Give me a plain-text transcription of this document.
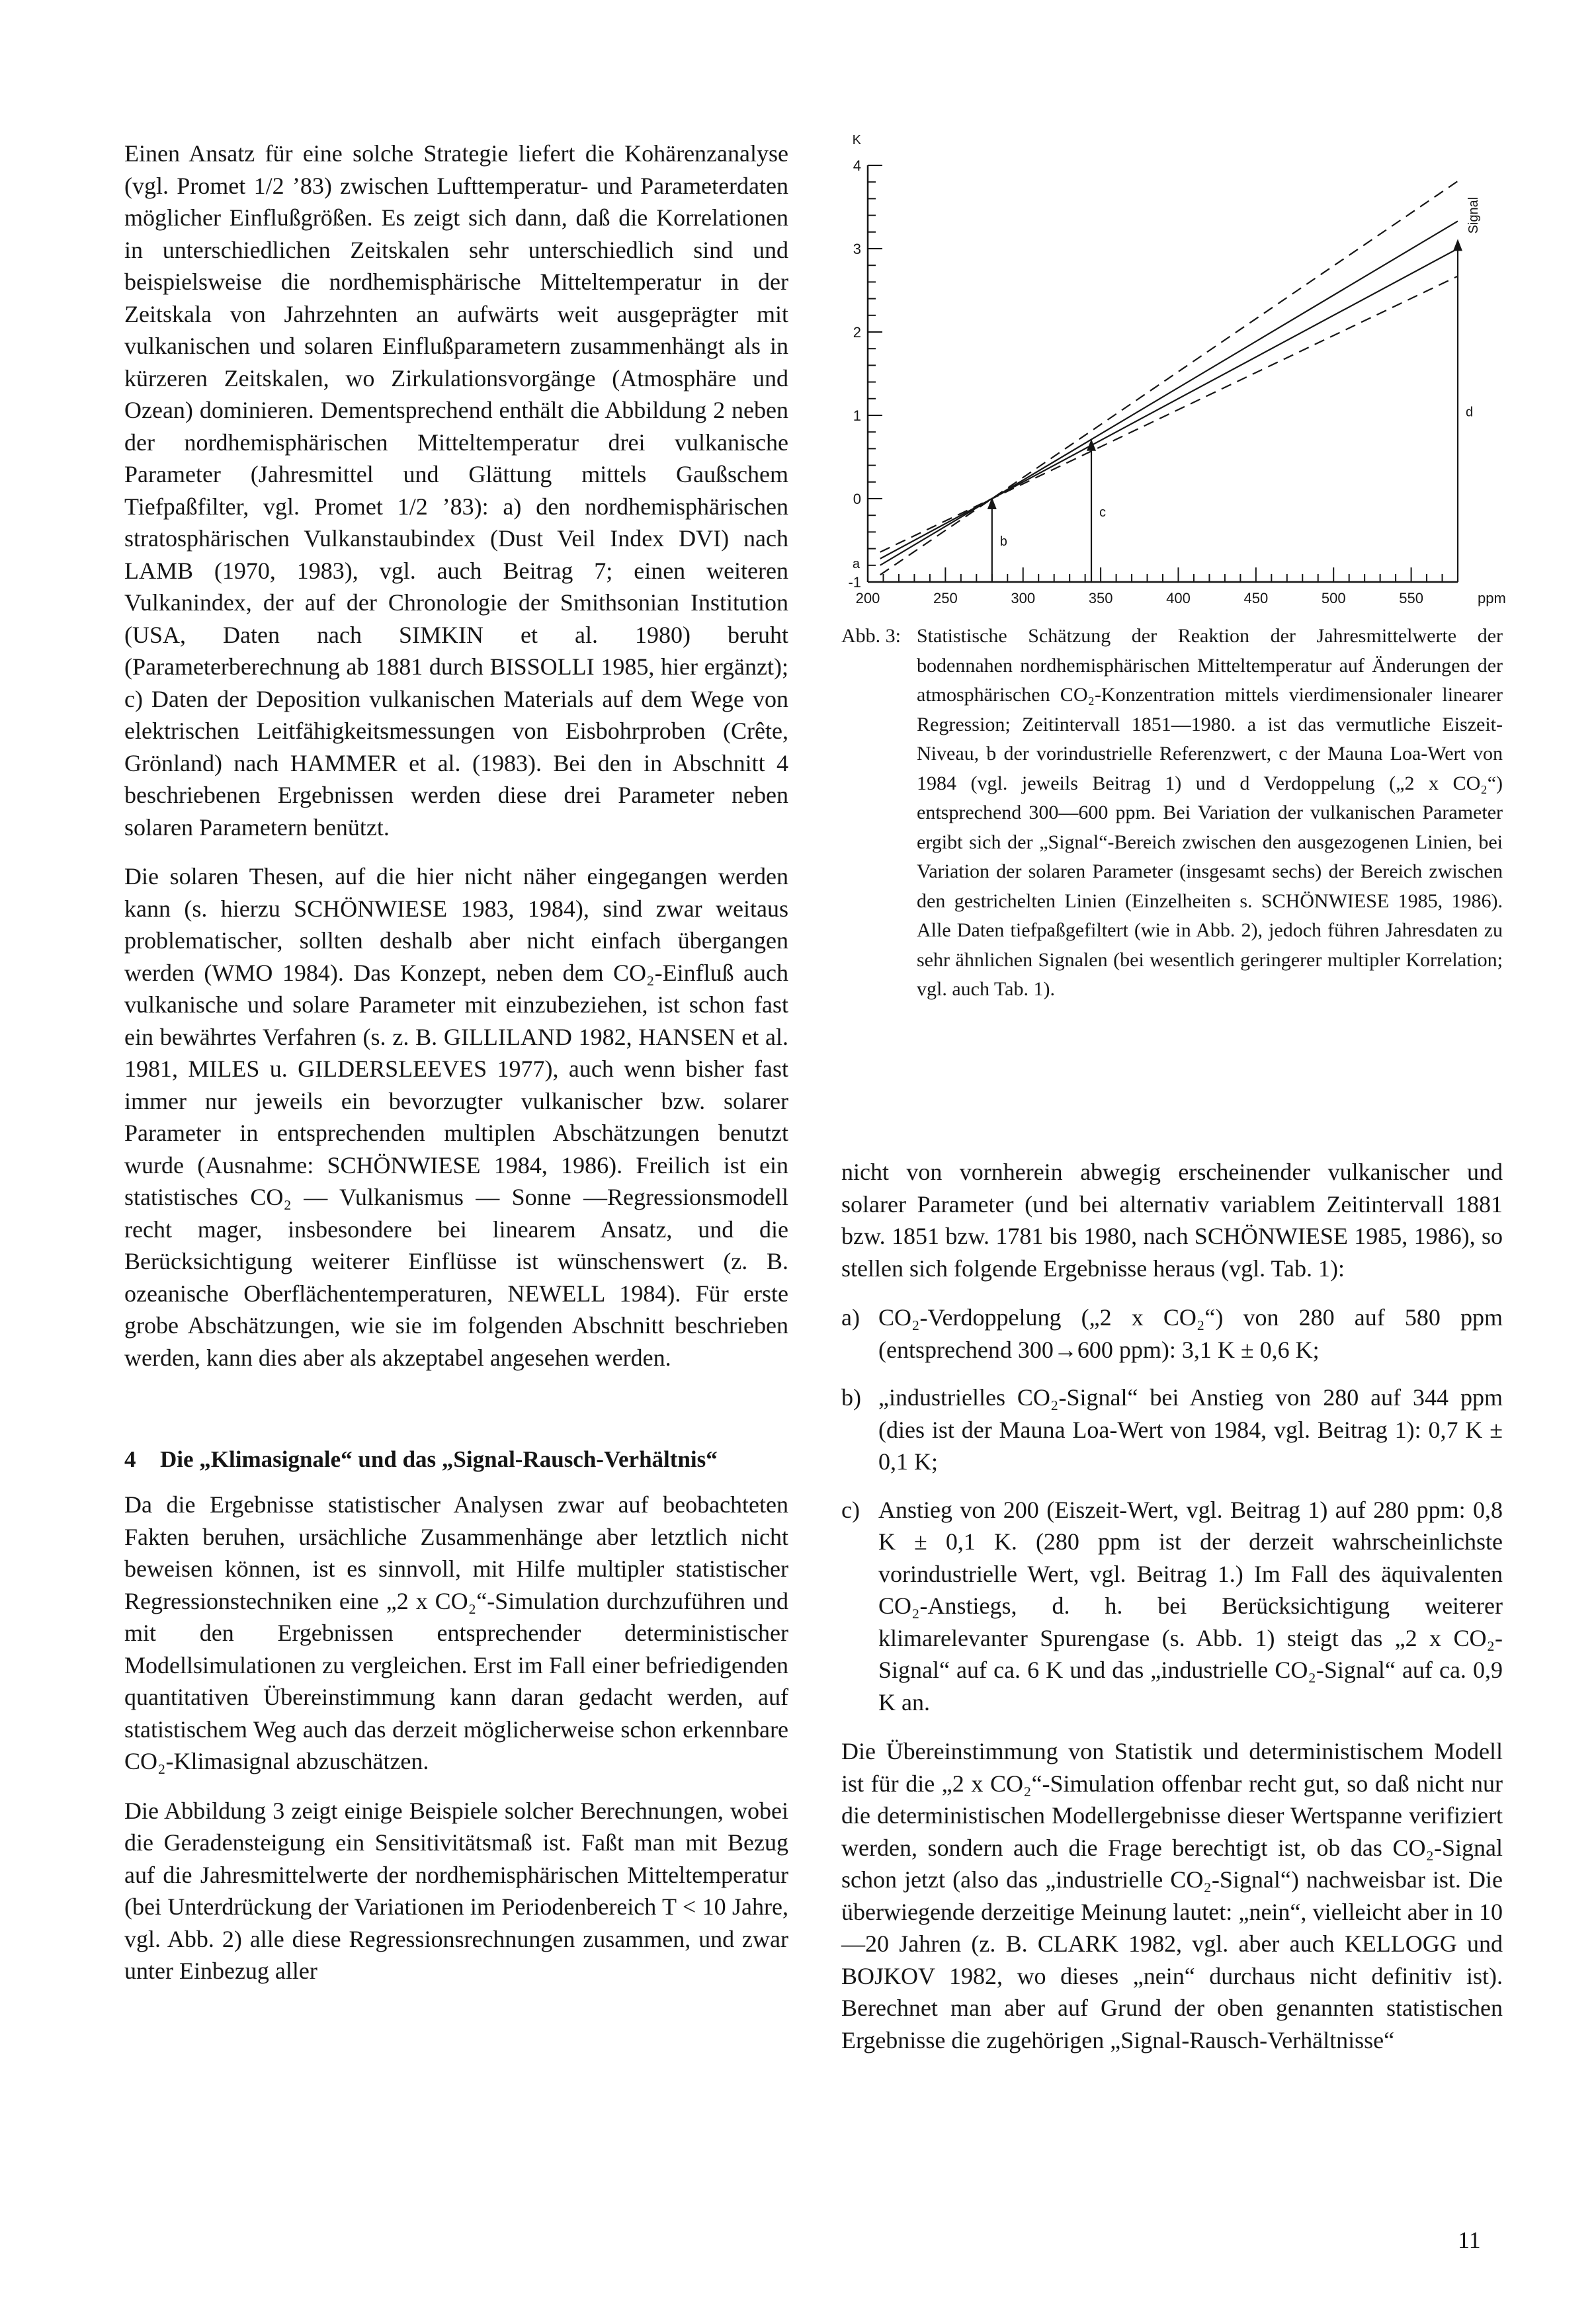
Einen Ansatz für eine solche Strategie liefert die Kohärenzanalyse (vgl. Promet 1/2 ’83) zwischen Lufttemperatur- und Parameterdaten möglicher Einflußgrößen. Es zeigt sich dann, daß die Korrelationen in unterschiedlichen Zeitskalen sehr unterschiedlich sind und beispielsweise die nordhemisphärische Mitteltemperatur in der Zeitskala von Jahrzehnten an aufwärts weit ausgeprägter mit vulkanischen und solaren Einflußparametern zusammenhängt als in kürzeren Zeitskalen, wo Zirkulationsvorgänge (Atmosphäre und Ozean) dominieren. Dementsprechend enthält die Abbildung 2 neben der nordhemisphärischen Mitteltemperatur drei vulkanische Parameter (Jahresmittel und Glättung mittels Gaußschem Tiefpaßfilter, vgl. Promet 1/2 ’83): a) den nordhemisphärischen stratosphärischen Vulkanstaubindex (Dust Veil Index DVI) nach LAMB (1970, 1983), vgl. auch Beitrag 7; einen weiteren Vulkanindex, der auf der Chronologie der Smithsonian Institution (USA, Daten nach SIMKIN et al. 1980) beruht (Parameterberechnung ab 1881 durch BISSOLLI 1985, hier ergänzt); c) Daten der Deposition vulkanischen Materials auf dem Wege von elektrischen Leitfähigkeitsmessungen von Eisbohrproben (Crête, Grönland) nach HAMMER et al. (1983). Bei den in Abschnitt 4 beschriebenen Ergebnissen werden diese drei Parameter neben solaren Parametern benützt.

Die solaren Thesen, auf die hier nicht näher eingegangen werden kann (s. hierzu SCHÖNWIESE 1983, 1984), sind zwar weitaus problematischer, sollten deshalb aber nicht einfach übergangen werden (WMO 1984). Das Konzept, neben dem CO₂-Einfluß auch vulkanische und solare Parameter mit einzubeziehen, ist schon fast ein bewährtes Verfahren (s. z. B. GILLILAND 1982, HANSEN et al. 1981, MILES u. GILDERSLEEVES 1977), auch wenn bisher fast immer nur jeweils ein bevorzugter vulkanischer bzw. solarer Parameter in entsprechenden multiplen Abschätzungen benutzt wurde (Ausnahme: SCHÖNWIESE 1984, 1986). Freilich ist ein statistisches CO₂ — Vulkanismus — Sonne —Regressionsmodell recht mager, insbesondere bei linearem Ansatz, und die Berücksichtigung weiterer Einflüsse ist wünschenswert (z. B. ozeanische Oberflächentemperaturen, NEWELL 1984). Für erste grobe Abschätzungen, wie sie im folgenden Abschnitt beschrieben werden, kann dies aber als akzeptabel angesehen werden.

4 Die „Klimasignale“ und das „Signal-Rausch-Verhältnis“

Da die Ergebnisse statistischer Analysen zwar auf beobachteten Fakten beruhen, ursächliche Zusammenhänge aber letztlich nicht beweisen können, ist es sinnvoll, mit Hilfe multipler statistischer Regressionstechniken eine „2 x CO₂“-Simulation durchzuführen und mit den Ergebnissen entsprechender deterministischer Modellsimulationen zu vergleichen. Erst im Fall einer befriedigenden quantitativen Übereinstimmung kann daran gedacht werden, auf statistischem Weg auch das derzeit möglicherweise schon erkennbare CO₂-Klimasignal abzuschätzen.

Die Abbildung 3 zeigt einige Beispiele solcher Berechnungen, wobei die Geradensteigung ein Sensitivitätsmaß ist. Faßt man mit Bezug auf die Jahresmittelwerte der nordhemisphärischen Mitteltemperatur (bei Unterdrückung der Variationen im Periodenbereich T < 10 Jahre, vgl. Abb. 2) alle diese Regressionsrechnungen zusammen, und zwar unter Einbezug aller

200	250	300	350	400	450	500	550
-1
0
1
2
3
4
ppm
K
Signal
a
b
c
d
Abb. 3: Statistische Schätzung der Reaktion der Jahresmittelwerte der bodennahen nordhemisphärischen Mitteltemperatur auf Änderungen der atmosphärischen CO₂-Konzentration mittels vierdimensionaler linearer Regression; Zeitintervall 1851—1980. a ist das vermutliche Eiszeit-Niveau, b der vorindustrielle Referenzwert, c der Mauna Loa-Wert von 1984 (vgl. jeweils Beitrag 1) und d Verdoppelung („2 x CO₂“) entsprechend 300—600 ppm. Bei Variation der vulkanischen Parameter ergibt sich der „Signal“-Bereich zwischen den ausgezogenen Linien, bei Variation der solaren Parameter (insgesamt sechs) der Bereich zwischen den gestrichelten Linien (Einzelheiten s. SCHÖNWIESE 1985, 1986). Alle Daten tiefpaßgefiltert (wie in Abb. 2), jedoch führen Jahresdaten zu sehr ähnlichen Signalen (bei wesentlich geringerer multipler Korrelation; vgl. auch Tab. 1).

nicht von vornherein abwegig erscheinender vulkanischer und solarer Parameter (und bei alternativ variablem Zeitintervall 1881 bzw. 1851 bzw. 1781 bis 1980, nach SCHÖNWIESE 1985, 1986), so stellen sich folgende Ergebnisse heraus (vgl. Tab. 1):

a) CO₂-Verdoppelung („2 x CO₂“) von 280 auf 580 ppm (entsprechend 300→600 ppm): 3,1 K ± 0,6 K;
b) „industrielles CO₂-Signal“ bei Anstieg von 280 auf 344 ppm (dies ist der Mauna Loa-Wert von 1984, vgl. Beitrag 1): 0,7 K ± 0,1 K;
c) Anstieg von 200 (Eiszeit-Wert, vgl. Beitrag 1) auf 280 ppm: 0,8 K ± 0,1 K. (280 ppm ist der derzeit wahrscheinlichste vorindustrielle Wert, vgl. Beitrag 1.) Im Fall des äquivalenten CO₂-Anstiegs, d. h. bei Berücksichtigung weiterer klimarelevanter Spurengase (s. Abb. 1) steigt das „2 x CO₂-Signal“ auf ca. 6 K und das „industrielle CO₂-Signal“ auf ca. 0,9 K an.

Die Übereinstimmung von Statistik und deterministischem Modell ist für die „2 x CO₂“-Simulation offenbar recht gut, so daß nicht nur die deterministischen Modellergebnisse dieser Wertspanne verifiziert werden, sondern auch die Frage berechtigt ist, ob das CO₂-Signal schon jetzt (also das „industrielle CO₂-Signal“) nachweisbar ist. Die überwiegende derzeitige Meinung lautet: „nein“, vielleicht aber in 10—20 Jahren (z. B. CLARK 1982, vgl. aber auch KELLOGG und BOJKOV 1982, wo dieses „nein“ durchaus nicht definitiv ist). Berechnet man aber auf Grund der oben genannten statistischen Ergebnisse die zugehörigen „Signal-Rausch-Verhältnisse“

11
